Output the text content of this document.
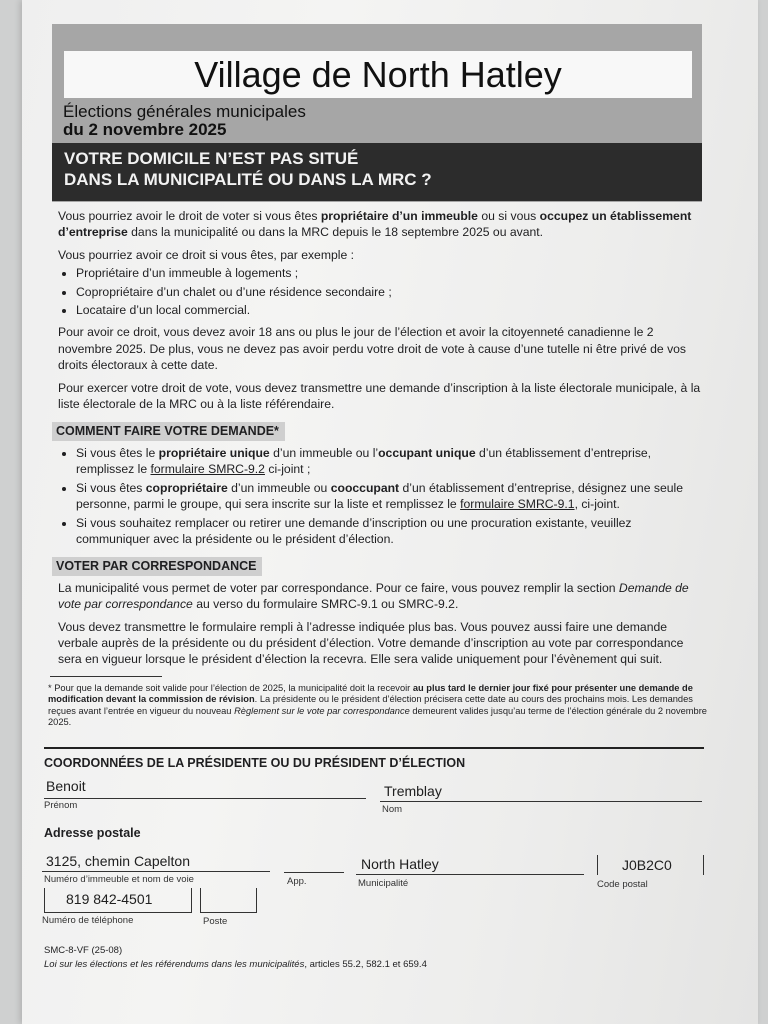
Village de North Hatley
Élections générales municipales
du 2 novembre 2025
VOTRE DOMICILE N’EST PAS SITUÉ
DANS LA MUNICIPALITÉ OU DANS LA MRC ?

Vous pourriez avoir le droit de voter si vous êtes propriétaire d’un immeuble ou si vous occupez un établissement d’entreprise dans la municipalité ou dans la MRC depuis le 18 septembre 2025 ou avant.

Vous pourriez avoir ce droit si vous êtes, par exemple :

• Propriétaire d’un immeuble à logements ;
• Copropriétaire d’un chalet ou d’une résidence secondaire ;
• Locataire d’un local commercial.

Pour avoir ce droit, vous devez avoir 18 ans ou plus le jour de l’élection et avoir la citoyenneté canadienne le 2 novembre 2025. De plus, vous ne devez pas avoir perdu votre droit de vote à cause d’une tutelle ni être privé de vos droits électoraux à cette date.

Pour exercer votre droit de vote, vous devez transmettre une demande d’inscription à la liste électorale municipale, à la liste électorale de la MRC ou à la liste référendaire.

COMMENT FAIRE VOTRE DEMANDE*
• Si vous êtes le propriétaire unique d’un immeuble ou l’occupant unique d’un établissement d’entreprise, remplissez le formulaire SMRC-9.2 ci-joint ;
• Si vous êtes copropriétaire d’un immeuble ou cooccupant d’un établissement d’entreprise, désignez une seule personne, parmi le groupe, qui sera inscrite sur la liste et remplissez le formulaire SMRC-9.1, ci-joint.
• Si vous souhaitez remplacer ou retirer une demande d’inscription ou une procuration existante, veuillez communiquer avec la présidente ou le président d’élection.
VOTER PAR CORRESPONDANCE

La municipalité vous permet de voter par correspondance. Pour ce faire, vous pouvez remplir la section Demande de vote par correspondance au verso du formulaire SMRC-9.1 ou SMRC-9.2.

Vous devez transmettre le formulaire rempli à l’adresse indiquée plus bas. Vous pouvez aussi faire une demande verbale auprès de la présidente ou du président d’élection. Votre demande d’inscription au vote par correspondance sera en vigueur lorsque le président d’élection la recevra. Elle sera valide uniquement pour l’évènement qui suit.

* Pour que la demande soit valide pour l’élection de 2025, la municipalité doit la recevoir au plus tard le dernier jour fixé pour présenter une demande de modification devant la commission de révision. La présidente ou le président d’élection précisera cette date au cours des prochains mois. Les demandes reçues avant l’entrée en vigueur du nouveau Règlement sur le vote par correspondance demeurent valides jusqu’au terme de l’élection générale du 2 novembre 2025.
COORDONNÉES DE LA PRÉSIDENTE OU DU PRÉSIDENT D’ÉLECTION
Benoit
Prénom
Tremblay
Nom
Adresse postale
3125, chemin Capelton
Numéro d’immeuble et nom de voie	App.
North Hatley
Municipalité
J0B2C0
Code postal
819 842-4501
Numéro de téléphone	Poste
SMC-8-VF (25-08)
Loi sur les élections et les référendums dans les municipalités, articles 55.2, 582.1 et 659.4
